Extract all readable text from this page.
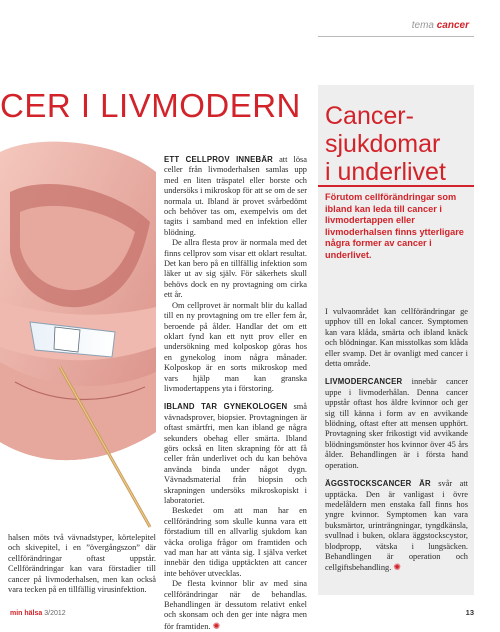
tema cancer
CER I LIVMODERN
halsen möts två vävnadstyper, körtelepitel och skivepitel, i en ”övergångszon” där cellförändringar oftast uppstår. Cellförändringar kan vara förstadier till cancer på livmoderhalsen, men kan också vara tecken på en tillfällig virusinfektion.

ETT CELLPROV INNEBÄR att lösa celler från livmoderhalsen samlas upp med en liten träspatel eller borste och undersöks i mikroskop för att se om de ser normala ut. Ibland är provet svårbedömt och behöver tas om, exempelvis om det tagits i samband med en infektion eller blödning.

De allra flesta prov är normala med det finns cellprov som visar ett oklart resultat. Det kan bero på en tillfällig infektion som läker ut av sig själv. För säkerhets skull behövs dock en ny provtagning om cirka ett år.

Om cellprovet är normalt blir du kallad till en ny provtagning om tre eller fem år, beroende på ålder. Handlar det om ett oklart fynd kan ett nytt prov eller en undersökning med kolposkop göras hos en gynekolog inom några månader. Kolposkop är en sorts mikroskop med vars hjälp man kan granska livmodertappens yta i förstoring.

IBLAND TAR GYNEKOLOGEN små vävnadsprover, biopsier. Provtagningen är oftast smärtfri, men kan ibland ge några sekunders obehag eller smärta. Ibland görs också en liten skrapning för att få celler från underlivet och du kan behöva använda binda under något dygn. Vävnadsmaterial från biopsin och skrapningen undersöks mikroskopiskt i laboratoriet.

Beskedet om att man har en cellförändring som skulle kunna vara ett förstadium till en allvarlig sjukdom kan väcka oroliga frågor om framtiden och vad man har att vänta sig. I själva verket innebär den tidiga upptäckten att cancer inte behöver utvecklas.

De flesta kvinnor blir av med sina cellförändringar när de behandlas. Behandlingen är dessutom relativt enkel och skonsam och den ger inte några men för framtiden. ✺

Cancer-
sjukdomar
i underlivet
Förutom cellförändringar som ibland kan leda till cancer i livmodertappen eller livmoderhalsen finns ytterligare några former av cancer i underlivet.

I vulvaområdet kan cellförändringar ge upphov till en lokal cancer. Symptomen kan vara klåda, smärta och ibland knäck och blödningar. Kan misstolkas som klåda eller svamp. Det är ovanligt med cancer i detta område.

LIVMODERCANCER innebär cancer uppe i livmoderhålan. Denna cancer uppstår oftast hos äldre kvinnor och ger sig till känna i form av en avvikande blödning, oftast efter att mensen upphört. Provtagning sker frikostigt vid avvikande blödningsmönster hos kvinnor över 45 års ålder. Behandlingen är i första hand operation.

ÄGGSTOCKSCANCER ÄR svår att upptäcka. Den är vanligast i övre medelåldern men enstaka fall finns hos yngre kvinnor. Symptomen kan vara buksmärtor, urinträngningar, tyngdkänsla, svullnad i buken, oklara äggstockscystor, blodpropp, vätska i lungsäcken. Behandlingen är operation och cellgiftsbehandling. ✺

min hälsa 3/2012	13
